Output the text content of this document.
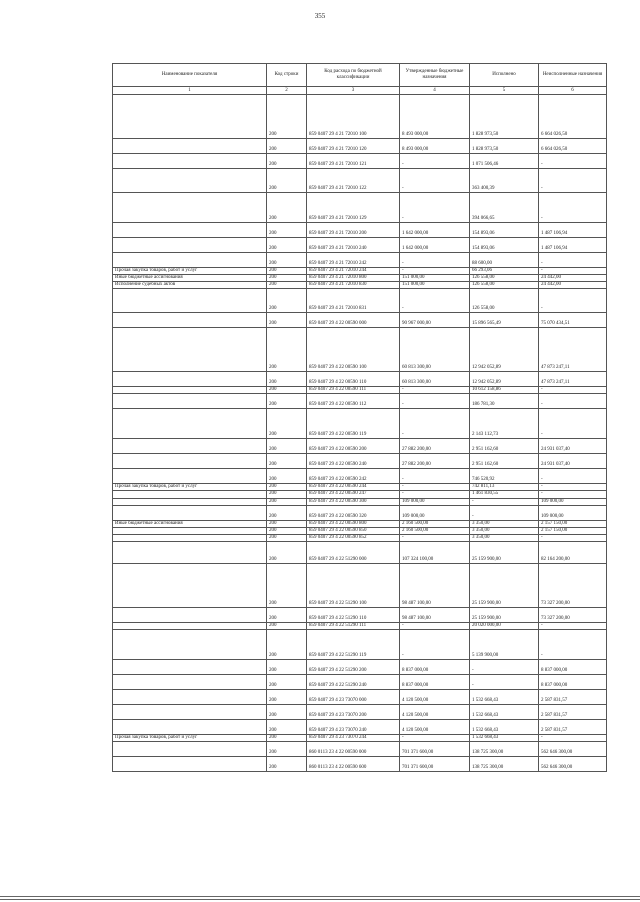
355
Наименование показателя	Код строки	Код расхода по бюджетной классификации	Утвержденные бюджетные назначения	Исполнено	Неисполненные назначения
1	2	3	4	5	6
	200	859 0407 29 4 21 72010 100	8 493 000,00	1 828 973,50	6 664 026,50
	200	859 0407 29 4 21 72010 120	8 493 000,00	1 828 973,50	6 664 026,50
	200	859 0407 29 4 21 72010 121	-	1 071 506,46	-
	200	859 0407 29 4 21 72010 122	-	363 400,39	-
	200	859 0407 29 4 21 72010 129	-	394 066,65	-
	200	859 0407 29 4 21 72010 200	1 642 000,00	154 893,06	1 487 106,94
	200	859 0407 29 4 21 72010 240	1 642 000,00	154 893,06	1 487 106,94
	200	859 0407 29 4 21 72010 242	-	88 600,00	-
Прочая закупка товаров, работ и услуг	200	859 0407 29 4 21 72010 244	-	66 293,06	-
Иные бюджетные ассигнования	200	859 0407 29 4 21 72010 800	151 000,00	126 558,00	24 442,00
Исполнение судебных актов	200	859 0407 29 4 21 72010 830	151 000,00	126 558,00	24 442,00
	200	859 0407 29 4 21 72010 831	-	126 558,00	-
	200	859 0407 29 4 22 00590 000	90 967 000,00	15 896 565,49	75 070 434,51
	200	859 0407 29 4 22 00590 100	60 813 300,00	12 942 052,89	47 873 247,11
	200	859 0407 29 4 22 00590 110	60 813 300,00	12 942 052,89	47 873 247,11
	200	859 0407 29 4 22 00590 111	-	10 612 158,86	-
	200	859 0407 29 4 22 00590 112	-	186 781,30	-
	200	859 0407 29 4 22 00590 119	-	2 143 112,73	-
	200	859 0407 29 4 22 00590 200	27 882 200,00	2 951 162,60	24 931 037,40
	200	859 0407 29 4 22 00590 240	27 882 200,00	2 951 162,60	24 931 037,40
	200	859 0407 29 4 22 00590 242	-	746 520,92	-
Прочая закупка товаров, работ и услуг	200	859 0407 29 4 22 00590 244	-	742 811,13	-
	200	859 0407 29 4 22 00590 247	-	1 461 830,55	-
	200	859 0407 29 4 22 00590 300	109 000,00	-	109 000,00
	200	859 0407 29 4 22 00590 320	109 000,00	-	109 000,00
Иные бюджетные ассигнования	200	859 0407 29 4 22 00590 800	2 160 500,00	3 350,00	2 157 150,00
	200	859 0407 29 4 22 00590 850	2 160 500,00	3 350,00	2 157 150,00
	200	859 0407 29 4 22 00590 852	-	3 350,00	-
	200	859 0407 29 4 22 51290 000	107 324 100,00	25 159 900,00	82 164 200,00
	200	859 0407 29 4 22 51290 100	98 487 100,00	25 159 900,00	73 327 200,00
	200	859 0407 29 4 22 51290 110	98 487 100,00	25 159 900,00	73 327 200,00
	200	859 0407 29 4 22 51290 111	-	20 020 000,00	-
	200	859 0407 29 4 22 51290 119	-	5 139 900,00	-
	200	859 0407 29 4 22 51290 200	8 837 000,00	-	8 837 000,00
	200	859 0407 29 4 22 51290 240	8 837 000,00	-	8 837 000,00
	200	859 0407 29 4 23 73070 000	4 120 500,00	1 532 668,43	2 587 831,57
	200	859 0407 29 4 23 73070 200	4 120 500,00	1 532 668,43	2 587 831,57
	200	859 0407 29 4 23 73070 240	4 120 500,00	1 532 668,43	2 587 831,57
Прочая закупка товаров, работ и услуг	200	859 0407 29 4 23 73070 244	-	1 532 668,43	-
	200	860 0113 23 4 22 00590 000	701 371 600,00	138 725 300,00	562 646 300,00
	200	860 0113 23 4 22 00590 600	701 371 600,00	138 725 300,00	562 646 300,00
